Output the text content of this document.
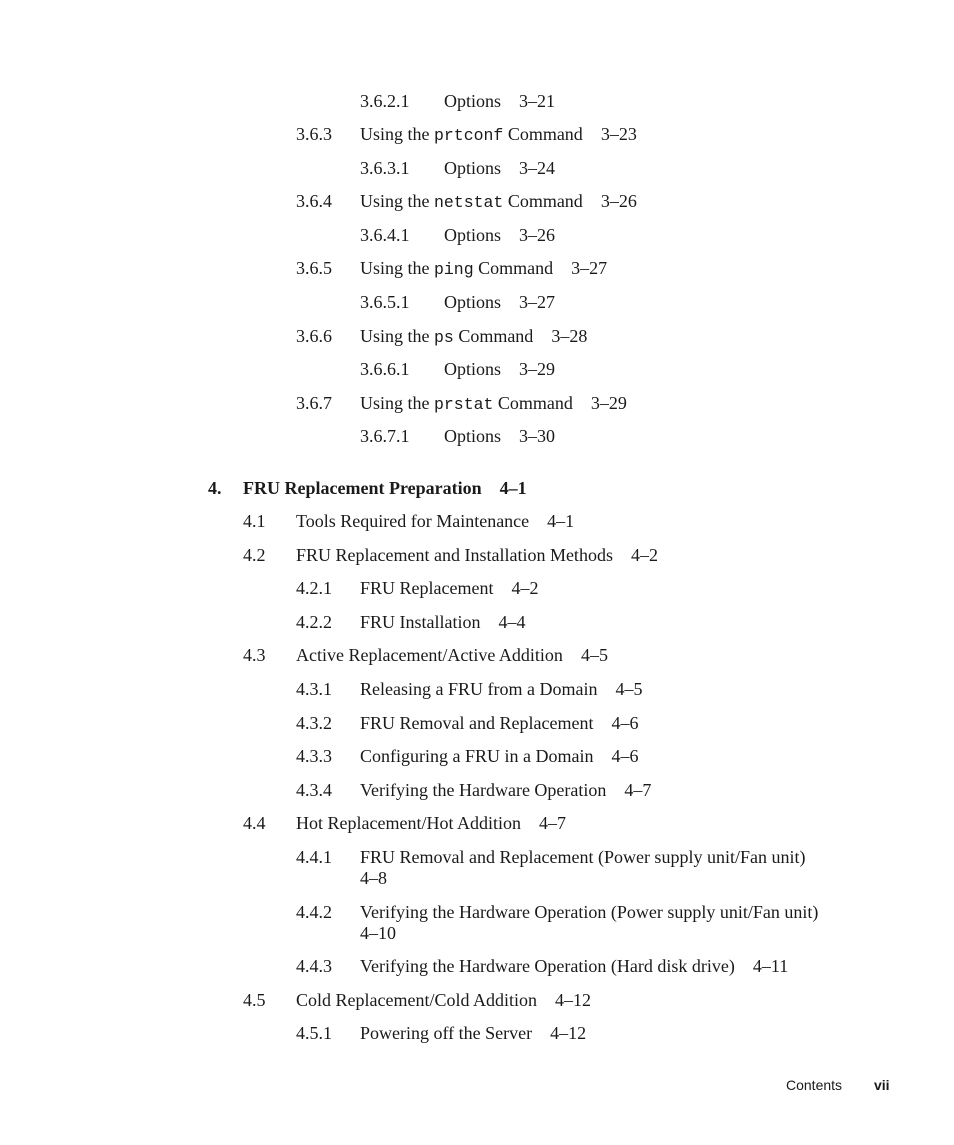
3.6.2.1 Options 3–21
3.6.3 Using the prtconf Command 3–23
3.6.3.1 Options 3–24
3.6.4 Using the netstat Command 3–26
3.6.4.1 Options 3–26
3.6.5 Using the ping Command 3–27
3.6.5.1 Options 3–27
3.6.6 Using the ps Command 3–28
3.6.6.1 Options 3–29
3.6.7 Using the prstat Command 3–29
3.6.7.1 Options 3–30
4. FRU Replacement Preparation 4–1
4.1 Tools Required for Maintenance 4–1
4.2 FRU Replacement and Installation Methods 4–2
4.2.1 FRU Replacement 4–2
4.2.2 FRU Installation 4–4
4.3 Active Replacement/Active Addition 4–5
4.3.1 Releasing a FRU from a Domain 4–5
4.3.2 FRU Removal and Replacement 4–6
4.3.3 Configuring a FRU in a Domain 4–6
4.3.4 Verifying the Hardware Operation 4–7
4.4 Hot Replacement/Hot Addition 4–7
4.4.1 FRU Removal and Replacement (Power supply unit/Fan unit)
4–8
4.4.2 Verifying the Hardware Operation (Power supply unit/Fan unit)
4–10
4.4.3 Verifying the Hardware Operation (Hard disk drive) 4–11
4.5 Cold Replacement/Cold Addition 4–12
4.5.1 Powering off the Server 4–12
Contents vii
